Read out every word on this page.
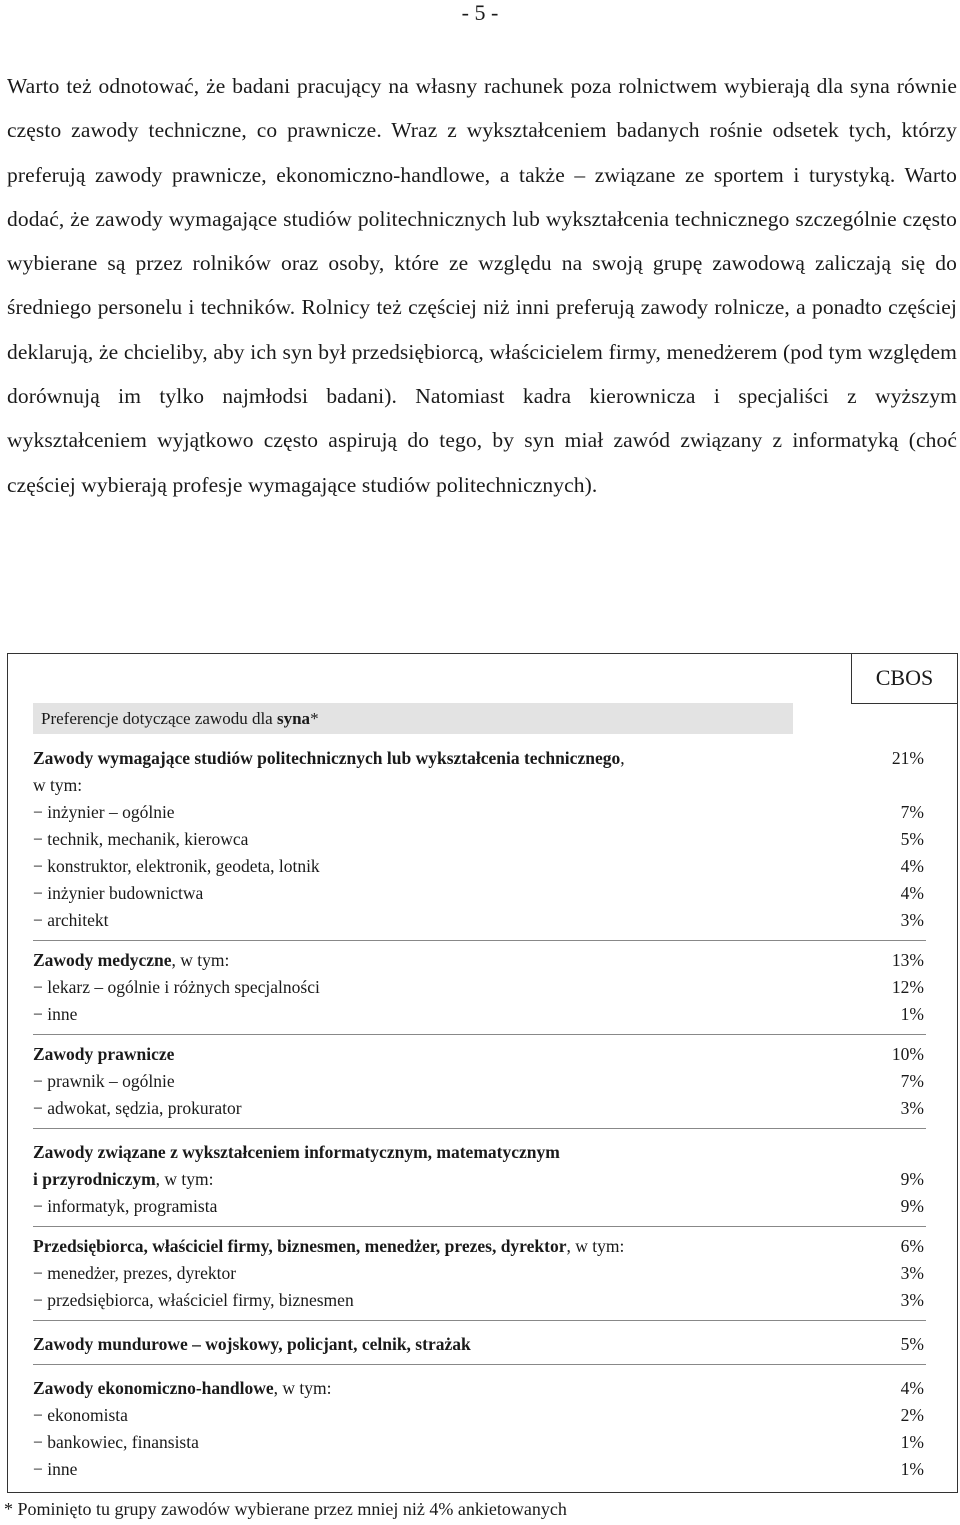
- 5 -

Warto też odnotować, że badani pracujący na własny rachunek poza rolnictwem wybierają dla syna równie często zawody techniczne, co prawnicze. Wraz z wykształceniem badanych rośnie odsetek tych, którzy preferują zawody prawnicze, ekonomiczno-handlowe, a także – związane ze sportem i turystyką. Warto dodać, że zawody wymagające studiów politechnicznych lub wykształcenia technicznego szczególnie często wybierane są przez rolników oraz osoby, które ze względu na swoją grupę zawodową zaliczają się do średniego personelu i techników. Rolnicy też częściej niż inni preferują zawody rolnicze, a ponadto częściej deklarują, że chcieliby, aby ich syn był przedsiębiorcą, właścicielem firmy, menedżerem (pod tym względem dorównują im tylko najmłodsi badani). Natomiast kadra kierownicza i specjaliści z wyższym wykształceniem wyjątkowo często aspirują do tego, by syn miał zawód związany z informatyką (choć częściej wybierają profesje wymagające studiów politechnicznych).

CBOS
Preferencje dotyczące zawodu dla syna*
Zawody wymagające studiów politechnicznych lub wykształcenia technicznego,	21%
w tym:
− inżynier – ogólnie	7%
− technik, mechanik, kierowca	5%
− konstruktor, elektronik, geodeta, lotnik	4%
− inżynier budownictwa	4%
− architekt	3%
Zawody medyczne, w tym:	13%
− lekarz – ogólnie i różnych specjalności	12%
− inne	1%
Zawody prawnicze	10%
− prawnik – ogólnie	7%
− adwokat, sędzia, prokurator	3%
Zawody związane z wykształceniem informatycznym, matematycznym
i przyrodniczym, w tym:	9%
− informatyk, programista	9%
Przedsiębiorca, właściciel firmy, biznesmen, menedżer, prezes, dyrektor, w tym:	6%
− menedżer, prezes, dyrektor	3%
− przedsiębiorca, właściciel firmy, biznesmen	3%
Zawody mundurowe – wojskowy, policjant, celnik, strażak	5%
Zawody ekonomiczno-handlowe, w tym:	4%
− ekonomista	2%
− bankowiec, finansista	1%
− inne	1%
* Pominięto tu grupy zawodów wybierane przez mniej niż 4% ankietowanych
